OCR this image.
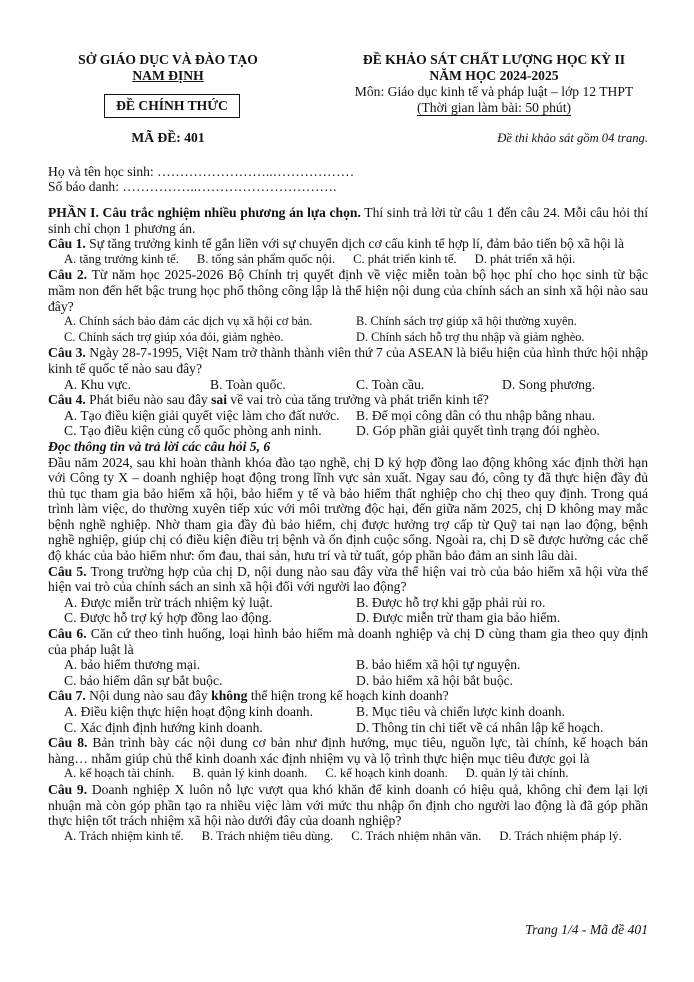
SỞ GIÁO DỤC VÀ ĐÀO TẠO
NAM ĐỊNH
ĐỀ CHÍNH THỨC
MÃ ĐỀ: 401
ĐỀ KHẢO SÁT CHẤT LƯỢNG HỌC KỲ II
NĂM HỌC 2024-2025
Môn: Giáo dục kinh tế và pháp luật – lớp 12 THPT
(Thời gian làm bài: 50 phút)
Đề thi khảo sát gồm 04 trang.
Họ và tên học sinh: ……………………..………………
Số báo danh: ……………..………………………….

PHẦN I. Câu trắc nghiệm nhiều phương án lựa chọn. Thí sinh trả lời từ câu 1 đến câu 24. Mỗi câu hỏi thí sinh chỉ chọn 1 phương án.

Câu 1. Sự tăng trưởng kinh tế gắn liền với sự chuyển dịch cơ cấu kinh tế hợp lí, đảm bảo tiến bộ xã hội là

A. tăng trưởng kinh tế. B. tổng sản phẩm quốc nội. C. phát triển kinh tế. D. phát triển xã hội.

Câu 2. Từ năm học 2025-2026 Bộ Chính trị quyết định về việc miễn toàn bộ học phí cho học sinh từ bậc mầm non đến hết bậc trung học phổ thông công lập là thể hiện nội dung của chính sách an sinh xã hội nào sau đây?

A. Chính sách bảo đảm các dịch vụ xã hội cơ bản.	B. Chính sách trợ giúp xã hội thường xuyên.
C. Chính sách trợ giúp xóa đói, giảm nghèo.	D. Chính sách hỗ trợ thu nhập và giảm nghèo.

Câu 3. Ngày 28-7-1995, Việt Nam trở thành thành viên thứ 7 của ASEAN là biểu hiện của hình thức hội nhập kinh tế quốc tế nào sau đây?

A. Khu vực.	B. Toàn quốc.	C. Toàn cầu.	D. Song phương.

Câu 4. Phát biểu nào sau đây sai về vai trò của tăng trưởng và phát triển kinh tế?

A. Tạo điều kiện giải quyết việc làm cho đất nước.	B. Để mọi công dân có thu nhập bằng nhau.
C. Tạo điều kiện củng cố quốc phòng anh ninh.	D. Góp phần giải quyết tình trạng đói nghèo.

Đọc thông tin và trả lời các câu hỏi 5, 6

Đầu năm 2024, sau khi hoàn thành khóa đào tạo nghề, chị D ký hợp đồng lao động không xác định thời hạn với Công ty X – doanh nghiệp hoạt động trong lĩnh vực sản xuất. Ngay sau đó, công ty đã thực hiện đầy đủ thủ tục tham gia bảo hiểm xã hội, bảo hiểm y tế và bảo hiểm thất nghiệp cho chị theo quy định. Trong quá trình làm việc, do thường xuyên tiếp xúc với môi trường độc hại, đến giữa năm 2025, chị D không may mắc bệnh nghề nghiệp. Nhờ tham gia đầy đủ bảo hiểm, chị được hưởng trợ cấp từ Quỹ tai nạn lao động, bệnh nghề nghiệp, giúp chị có điều kiện điều trị bệnh và ổn định cuộc sống. Ngoài ra, chị D sẽ được hưởng các chế độ khác của bảo hiểm như: ốm đau, thai sản, hưu trí và tử tuất, góp phần bảo đảm an sinh lâu dài.

Câu 5. Trong trường hợp của chị D, nội dung nào sau đây vừa thể hiện vai trò của bảo hiểm xã hội vừa thể hiện vai trò của chính sách an sinh xã hội đối với người lao động?

A. Được miễn trừ trách nhiệm kỷ luật.	B. Được hỗ trợ khi gặp phải rủi ro.
C. Được hỗ trợ ký hợp đồng lao động.	D. Được miễn trừ tham gia bảo hiểm.

Câu 6. Căn cứ theo tình huống, loại hình bảo hiểm mà doanh nghiệp và chị D cùng tham gia theo quy định của pháp luật là

A. bảo hiểm thương mại.	B. bảo hiểm xã hội tự nguyện.
C. bảo hiểm dân sự bắt buộc.	D. bảo hiểm xã hội bắt buộc.

Câu 7. Nội dung nào sau đây không thể hiện trong kế hoạch kinh doanh?

A. Điều kiện thực hiện hoạt động kinh doanh.	B. Mục tiêu và chiến lược kinh doanh.
C. Xác định định hướng kinh doanh.	D. Thông tin chi tiết về cá nhân lập kế hoạch.

Câu 8. Bản trình bày các nội dung cơ bản như định hướng, mục tiêu, nguồn lực, tài chính, kế hoạch bán hàng… nhằm giúp chủ thể kinh doanh xác định nhiệm vụ và lộ trình thực hiện mục tiêu được gọi là

A. kế hoạch tài chính. B. quản lý kinh doanh. C. kế hoạch kinh doanh. D. quản lý tài chính.

Câu 9. Doanh nghiệp X luôn nỗ lực vượt qua khó khăn để kinh doanh có hiệu quả, không chỉ đem lại lợi nhuận mà còn góp phần tạo ra nhiều việc làm với mức thu nhập ổn định cho người lao động là đã góp phần thực hiện tốt trách nhiệm xã hội nào dưới đây của doanh nghiệp?

A. Trách nhiệm kinh tế. B. Trách nhiệm tiêu dùng. C. Trách nhiệm nhân văn. D. Trách nhiệm pháp lý.
Trang 1/4 - Mã đề 401
